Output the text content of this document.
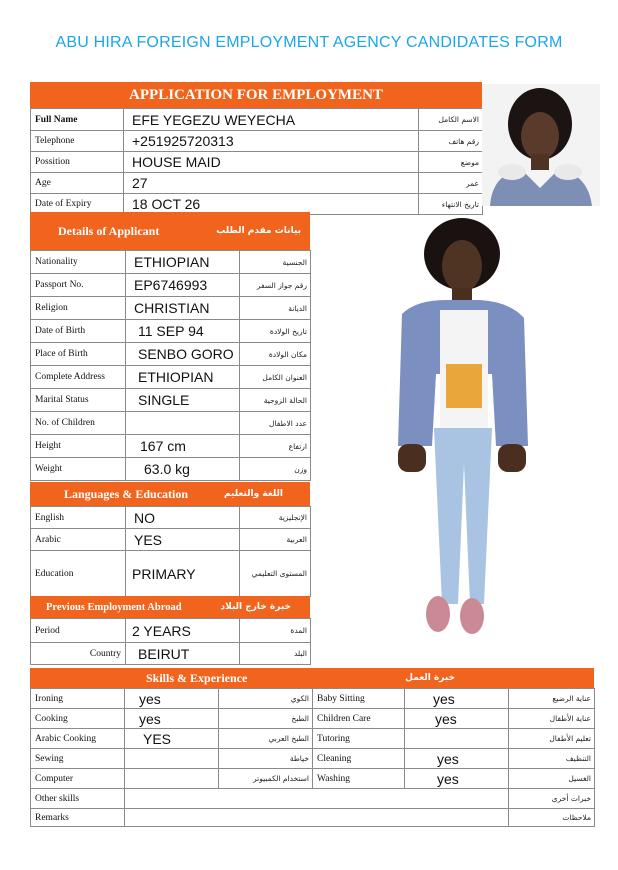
ABU HIRA FOREIGN EMPLOYMENT AGENCY CANDIDATES FORM
APPLICATION FOR EMPLOYMENT
Full Name	EFE YEGEZU WEYECHA	الاسم الكامل
Telephone	+251925720313	رقم هاتف
Possition	HOUSE MAID	موضع
Age	27	عمر
Date of Expiry	18 OCT 26	تاريخ الانتهاء
Details of Applicant	بيانات مقدم الطلب
Nationality	ETHIOPIAN	الجنسية
Passport No.	EP6746993	رقم جواز السفر
Religion	CHRISTIAN	الديانة
Date of Birth	11 SEP 94	تاريخ الولادة
Place of Birth	SENBO GORO	مكان الولادة
Complete Address	ETHIOPIAN	العنوان الكامل
Marital Status	SINGLE	الحالة الزوجية
No. of Children		عدد الاطفال
Height	167 cm	ارتفاع
Weight	63.0 kg	وزن
Languages & Education	اللغة والتعليم
English	NO	الإنجليزية
Arabic	YES	العربية
Education	PRIMARY	المستوى التعليمي
Previous Employment Abroad	خبرة خارج البلاد
Period	2 YEARS	المدة
Country	BEIRUT	البلد
Skills & Experience	خبرة العمل
Ironing	yes	الكوي	Baby Sitting	yes	عناية الرضيع
Cooking	yes	الطبخ	Children Care	yes	عناية الأطفال
Arabic Cooking	YES	الطبخ العربي	Tutoring		تعليم الأطفال
Sewing		خياطة	Cleaning	yes	التنظيف
Computer		استخدام الكمبيوتر	Washing	yes	الغسيل
Other skills					خبرات أخرى
Remarks					ملاحظات
